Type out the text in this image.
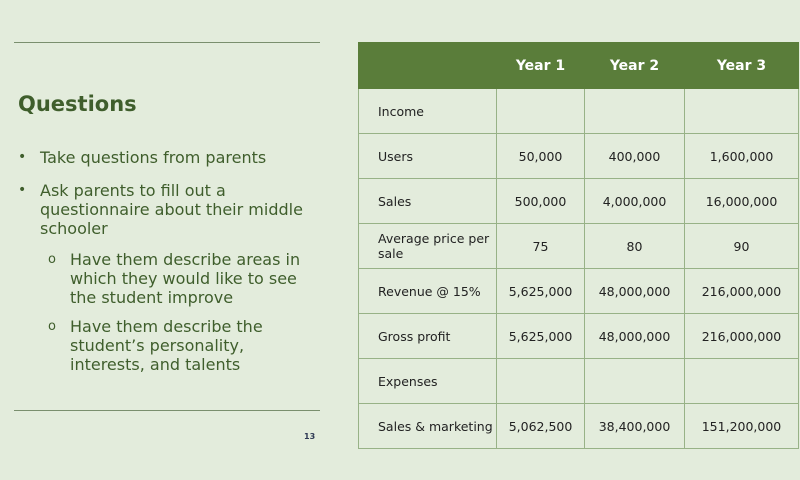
Questions
• Take questions from parents
• Ask parents to fill out a questionnaire about their middle schooler
o Have them describe areas in which they would like to see the student improve
o Have them describe the student’s personality, interests, and talents
13
	Year 1	Year 2	Year 3
Income			
Users	50,000	400,000	1,600,000
Sales	500,000	4,000,000	16,000,000
Average price per sale	75	80	90
Revenue @ 15%	5,625,000	48,000,000	216,000,000
Gross profit	5,625,000	48,000,000	216,000,000
Expenses			
Sales & marketing	5,062,500	38,400,000	151,200,000
